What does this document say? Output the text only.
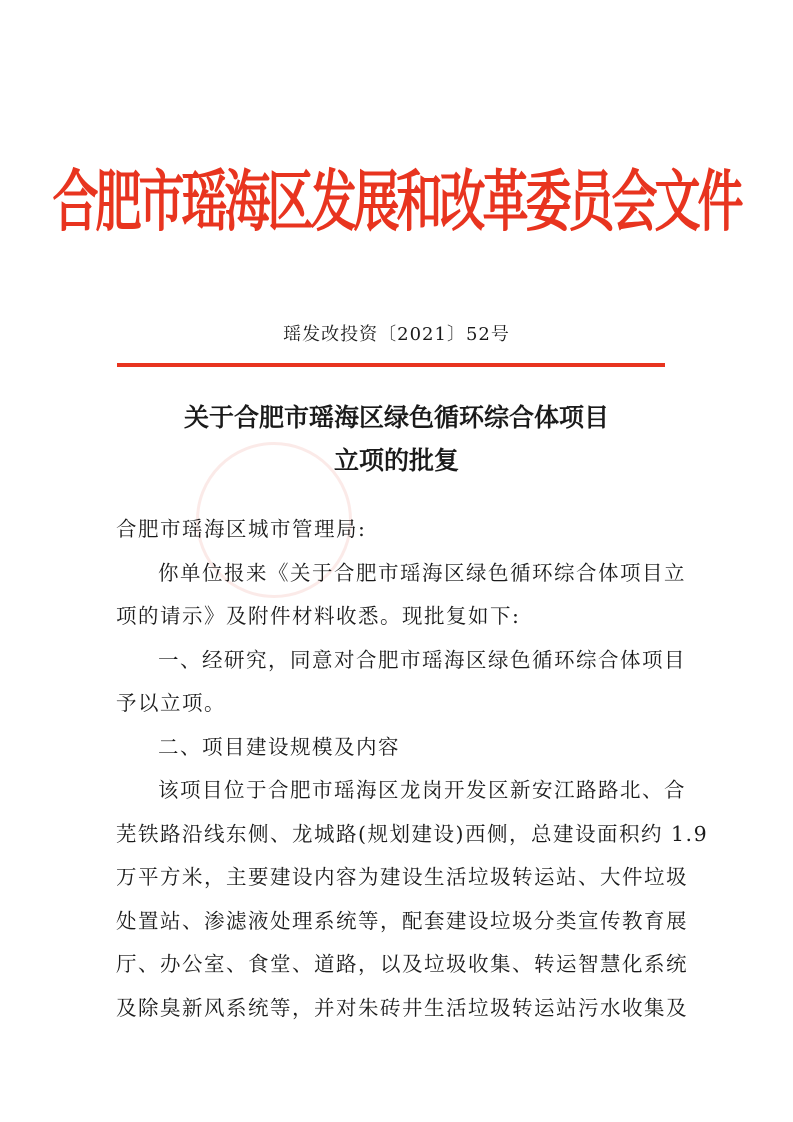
合肥市瑶海区发展和改革委员会文件
瑶发改投资〔2021〕52号
关于合肥市瑶海区绿色循环综合体项目
立项的批复
合肥市瑶海区城市管理局:
你单位报来《关于合肥市瑶海区绿色循环综合体项目立
项的请示》及附件材料收悉。现批复如下:
一、经研究，同意对合肥市瑶海区绿色循环综合体项目
予以立项。
二、项目建设规模及内容
该项目位于合肥市瑶海区龙岗开发区新安江路路北、合
芜铁路沿线东侧、龙城路(规划建设)西侧，总建设面积约 1.9
万平方米，主要建设内容为建设生活垃圾转运站、大件垃圾
处置站、渗滤液处理系统等，配套建设垃圾分类宣传教育展
厅、办公室、食堂、道路，以及垃圾收集、转运智慧化系统
及除臭新风系统等，并对朱砖井生活垃圾转运站污水收集及
